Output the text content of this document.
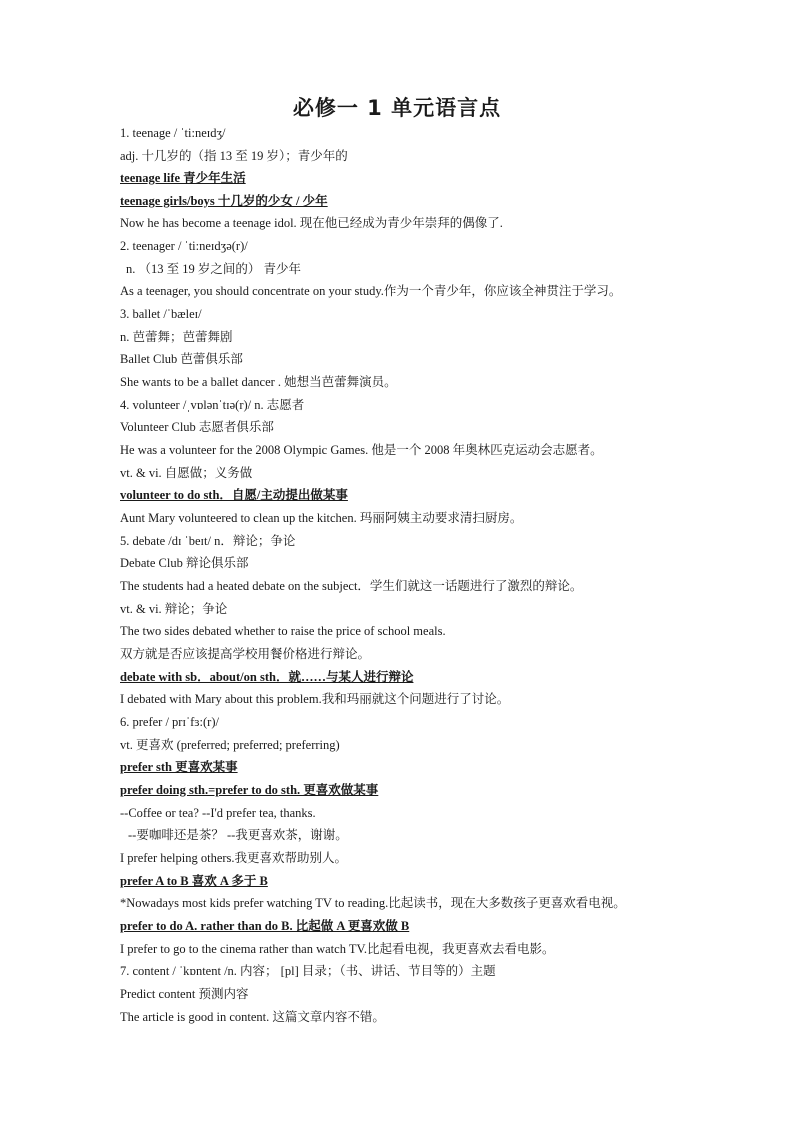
必修一 1 单元语言点
1. teenage / ˈti:neɪdʒ/
adj. 十几岁的（指 13 至 19 岁）；青少年的
teenage life 青少年生活
teenage girls/boys 十几岁的少女 / 少年
Now he has become a teenage idol. 现在他已经成为青少年崇拜的偶像了.
2. teenager / ˈti:neɪdʒə(r)/
n. （13 至 19 岁之间的） 青少年
As a teenager, you should concentrate on your study.作为一个青少年，你应该全神贯注于学习。
3. ballet /ˈbæleɪ/
n. 芭蕾舞；芭蕾舞剧
Ballet Club 芭蕾俱乐部
She wants to be a ballet dancer . 她想当芭蕾舞演员。
4. volunteer /ˌvɒlənˈtɪə(r)/ n. 志愿者
Volunteer Club 志愿者俱乐部
He was a volunteer for the 2008 Olympic Games. 他是一个 2008 年奥林匹克运动会志愿者。
vt. & vi. 自愿做；义务做
volunteer to do sth．自愿/主动提出做某事
Aunt Mary volunteered to clean up the kitchen. 玛丽阿姨主动要求清扫厨房。
5. debate /dɪ ˈbeɪt/ n．辩论；争论
Debate Club 辩论俱乐部
The students had a heated debate on the subject．学生们就这一话题进行了激烈的辩论。
vt. & vi. 辩论；争论
The two sides debated whether to raise the price of school meals.
双方就是否应该提高学校用餐价格进行辩论。
debate with sb．about/on sth．就……与某人进行辩论
I debated with Mary about this problem.我和玛丽就这个问题进行了讨论。
6. prefer / prɪˈfɜ:(r)/
vt. 更喜欢 (preferred; preferred; preferring)
prefer sth 更喜欢某事
prefer doing sth.=prefer to do sth. 更喜欢做某事
--Coffee or tea? --I'd prefer tea, thanks.
--要咖啡还是茶？ --我更喜欢茶，谢谢。
I prefer helping others.我更喜欢帮助别人。
prefer A to B 喜欢 A 多于 B
*Nowadays most kids prefer watching TV to reading.比起读书，现在大多数孩子更喜欢看电视。
prefer to do A. rather than do B. 比起做 A 更喜欢做 B
I prefer to go to the cinema rather than watch TV.比起看电视，我更喜欢去看电影。
7. content / ˈkɒntent /n. 内容； [pl] 目录；（书、讲话、节目等的）主题
Predict content 预测内容
The article is good in content. 这篇文章内容不错。
